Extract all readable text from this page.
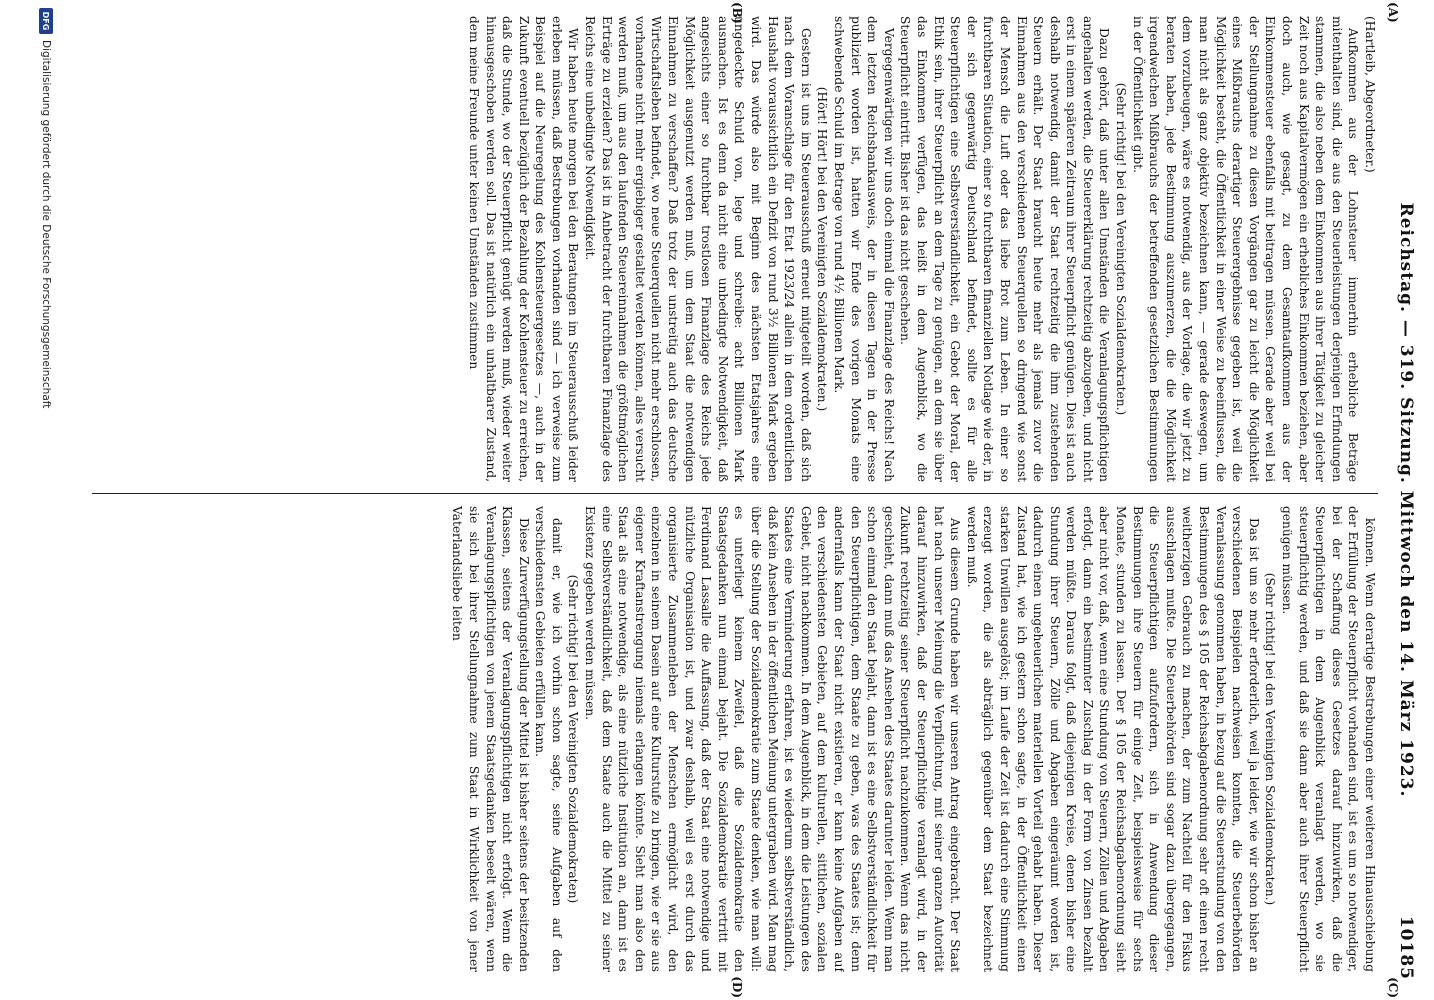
Reichstag. — 319. Sitzung. Mittwoch den 14. März 1923.
10185
(A)
(B)
(C)
(D)

(Hartleib, Abgeordneter.)

Aufkommen aus der Lohnsteuer immerhin erhebliche Beträge mitenthalten sind, die aus den Steuerleistungen derjenigen Erfindungen stammen, die also neben dem Einkommen aus ihrer Tätigkeit zu gleicher Zeit noch aus Kapitalvermögen ein erhebliches Einkommen beziehen, aber doch auch, wie gesagt, zu dem Gesamtaufkommen aus der Einkommensteuer ebenfalls mit beitragen müssen. Gerade aber weil bei der Stellungnahme zu diesen Vorgängen gar zu leicht die Möglichkeit eines Mißbrauchs derartiger Steuerergebnisse gegeben ist, weil die Möglichkeit besteht, die Öffentlichkeit in einer Weise zu beeinflussen, die man nicht als ganz objektiv bezeichnen kann, — gerade deswegen, um dem vorzubeugen, wäre es notwendig, aus der Vorlage, die wir jetzt zu beraten haben, jede Bestimmung auszumerzen, die die Möglichkeit irgendwelchen Mißbrauchs der betreffenden gesetzlichen Bestimmungen in der Öffentlichkeit gibt.

(Sehr richtig! bei den Vereinigten Sozialdemokraten.)

Dazu gehört, daß unter allen Umständen die Veranlagungspflichtigen angehalten werden, die Steuererklärung rechtzeitig abzugeben, und nicht erst in einem späteren Zeitraum ihrer Steuerpflicht genügen. Dies ist auch deshalb notwendig, damit der Staat rechtzeitig die ihm zustehenden Steuern erhält. Der Staat braucht heute mehr als jemals zuvor die Einnahmen aus den verschiedenen Steuerquellen so dringend wie sonst der Mensch die Luft oder das liebe Brot zum Leben. In einer so furchtbaren Situation, einer so furchtbaren finanziellen Notlage wie der, in der sich gegenwärtig Deutschland befindet, sollte es für alle Steuerpflichtigen eine Selbstverständlichkeit, ein Gebot der Moral, der Ethik sein, ihrer Steuerpflicht an dem Tage zu genügen, an dem sie über das Einkommen verfügen, das heißt in dem Augenblick, wo die Steuerpflicht eintritt. Bisher ist das nicht geschehen.

Vergegenwärtigen wir uns doch einmal die Finanzlage des Reichs! Nach dem letzten Reichsbankausweis, der in diesen Tagen in der Presse publiziert worden ist, hatten wir Ende des vorigen Monats eine schwebende Schuld im Betrage von rund 4½ Billionen Mark.

(Hört! Hört! bei den Vereinigten Sozialdemokraten.)

Gestern ist uns im Steuerausschuß erneut mitgeteilt worden, daß sich nach dem Voranschlage für den Etat 1923/24 allein in dem ordentlichen Haushalt voraussichtlich ein Defizit von rund 3½ Billionen Mark ergeben wird. Das würde also mit Beginn des nächsten Etatsjahres eine ungedeckte Schuld von, lege und schreibe: acht Billionen Mark ausmachen. Ist es denn da nicht eine unbedingte Notwendigkeit, daß angesichts einer so furchtbar trostlosen Finanzlage des Reichs jede Möglichkeit ausgenutzt werden muß, um dem Staat die notwendigen Einnahmen zu verschaffen? Daß trotz der unstreitig auch das deutsche Wirtschaftsleben befindet, wo neue Steuerquellen nicht mehr erschlossen, vorhandene nicht mehr ergiebiger gestaltet werden können, alles versucht werden muß, um aus den laufenden Steuereinnahmen die größtmöglichen Erträge zu erzielen? Das ist in Anbetracht der furchtbaren Finanzlage des Reichs eine unbedingte Notwendigkeit.

Wir haben heute morgen bei den Beratungen im Steuerausschuß leider erleben müssen, daß Bestrebungen vorhanden sind — ich verweise zum Beispiel auf die Neuregelung des Kohlensteuergesetzes —, auch in der Zukunft eventuell bezüglich der Bezahlung der Kohlensteuer zu erreichen, daß die Stunde, wo der Steuerpflicht genügt werden muß, wieder weiter hinausgeschoben werden soll. Das ist natürlich ein unhaltbarer Zustand, dem meine Freunde unter keinen Umständen zustimmen

können. Wenn derartige Bestrebungen einer weiteren Hinausschiebung der Erfüllung der Steuerpflicht vorhanden sind, ist es um so notwendiger, bei der Schaffung dieses Gesetzes darauf hinzuwirken, daß die Steuerpflichtigen in dem Augenblick veranlagt werden, wo sie steuerpflichtig werden, und daß sie dann aber auch ihrer Steuerpflicht genügen müssen.

(Sehr richtig! bei den Vereinigten Sozialdemokraten.)

Das ist um so mehr erforderlich, weil ja leider, wie wir schon bisher an verschiedenen Beispielen nachweisen konnten, die Steuerbehörden Veranlassung genommen haben, in bezug auf die Steuerstundung von den Bestimmungen des § 105 der Reichsabgabenordnung sehr oft einen recht weitherzigen Gebrauch zu machen, der zum Nachteil für den Fiskus ausschlagen mußte. Die Steuerbehörden sind sogar dazu übergegangen, die Steuerpflichtigen aufzufordern, sich in Anwendung dieser Bestimmungen ihre Steuern für einige Zeit, beispielsweise für sechs Monate, stunden zu lassen. Der § 105 der Reichsabgabenordnung sieht aber nicht vor, daß, wenn eine Stundung von Steuern, Zöllen und Abgaben erfolgt, dann ein bestimmter Zuschlag in der Form von Zinsen bezahlt werden müßte. Daraus folgt, daß diejenigen Kreise, denen bisher eine Stundung ihrer Steuern, Zölle und Abgaben eingeräumt worden ist, dadurch einen ungeheuerlichen materiellen Vorteil gehabt haben. Dieser Zustand hat, wie ich gestern schon sagte, in der Öffentlichkeit einen starken Unwillen ausgelöst; im Laufe der Zeit ist dadurch eine Stimmung erzeugt worden, die als abträglich gegenüber dem Staat bezeichnet werden muß.

Aus diesem Grunde haben wir unseren Antrag eingebracht. Der Staat hat nach unserer Meinung die Verpflichtung, mit seiner ganzen Autorität darauf hinzuwirken, daß der Steuerpflichtige veranlagt wird, in der Zukunft rechtzeitig seiner Steuerpflicht nachzukommen. Wenn das nicht geschieht, dann muß das Ansehen des Staates darunter leiden. Wenn man schon einmal den Staat bejaht, dann ist es eine Selbstverständlichkeit für den Steuerpflichtigen, dem Staate zu geben, was des Staates ist; denn andernfalls kann der Staat nicht existieren, er kann keine Aufgaben auf den verschiedensten Gebieten, auf dem kulturellen, sittlichen, sozialen Gebiet, nicht nachkommen. In dem Augenblick, in dem die Leistungen des Staates eine Verminderung erfahren, ist es wiederum selbstverständlich, daß kein Ansehen in der öffentlichen Meinung untergraben wird. Man mag über die Stellung der Sozialdemokratie zum Staate denken, wie man will: es unterliegt keinem Zweifel, daß die Sozialdemokratie den Staatsgedanken nun einmal bejaht. Die Sozialdemokratie vertritt mit Ferdinand Lassalle die Auffassung, daß der Staat eine notwendige und nützliche Organisation ist, und zwar deshalb, weil es erst durch das organisierte Zusammenleben der Menschen ermöglicht wird, den einzelnen in seinem Dasein auf eine Kulturstufe zu bringen, wie er sie aus eigener Kraftanstrengung niemals erlangen könnte. Sieht man also den Staat als eine notwendige, als eine nützliche Institution an, dann ist es eine Selbstverständlichkeit, daß dem Staate auch die Mittel zu seiner Existenz gegeben werden müssen.

(Sehr richtig! bei den Vereinigten Sozialdemokraten)

damit er, wie ich vorhin schon sagte, seine Aufgaben auf den verschiedensten Gebieten erfüllen kann.

Diese Zurverfügungstellung der Mittel ist bisher seitens der besitzenden Klassen, seitens der Veranlagungspflichtigen nicht erfolgt. Wenn die Veranlagungspflichtigen von jenem Staatsgedanken beseelt wären, wenn sie sich bei ihrer Stellungnahme zum Staat in Wirklichkeit von jener Vaterlandsliebe leiten

DFG
Digitalisierung gefördert durch die Deutsche Forschungsgemeinschaft
